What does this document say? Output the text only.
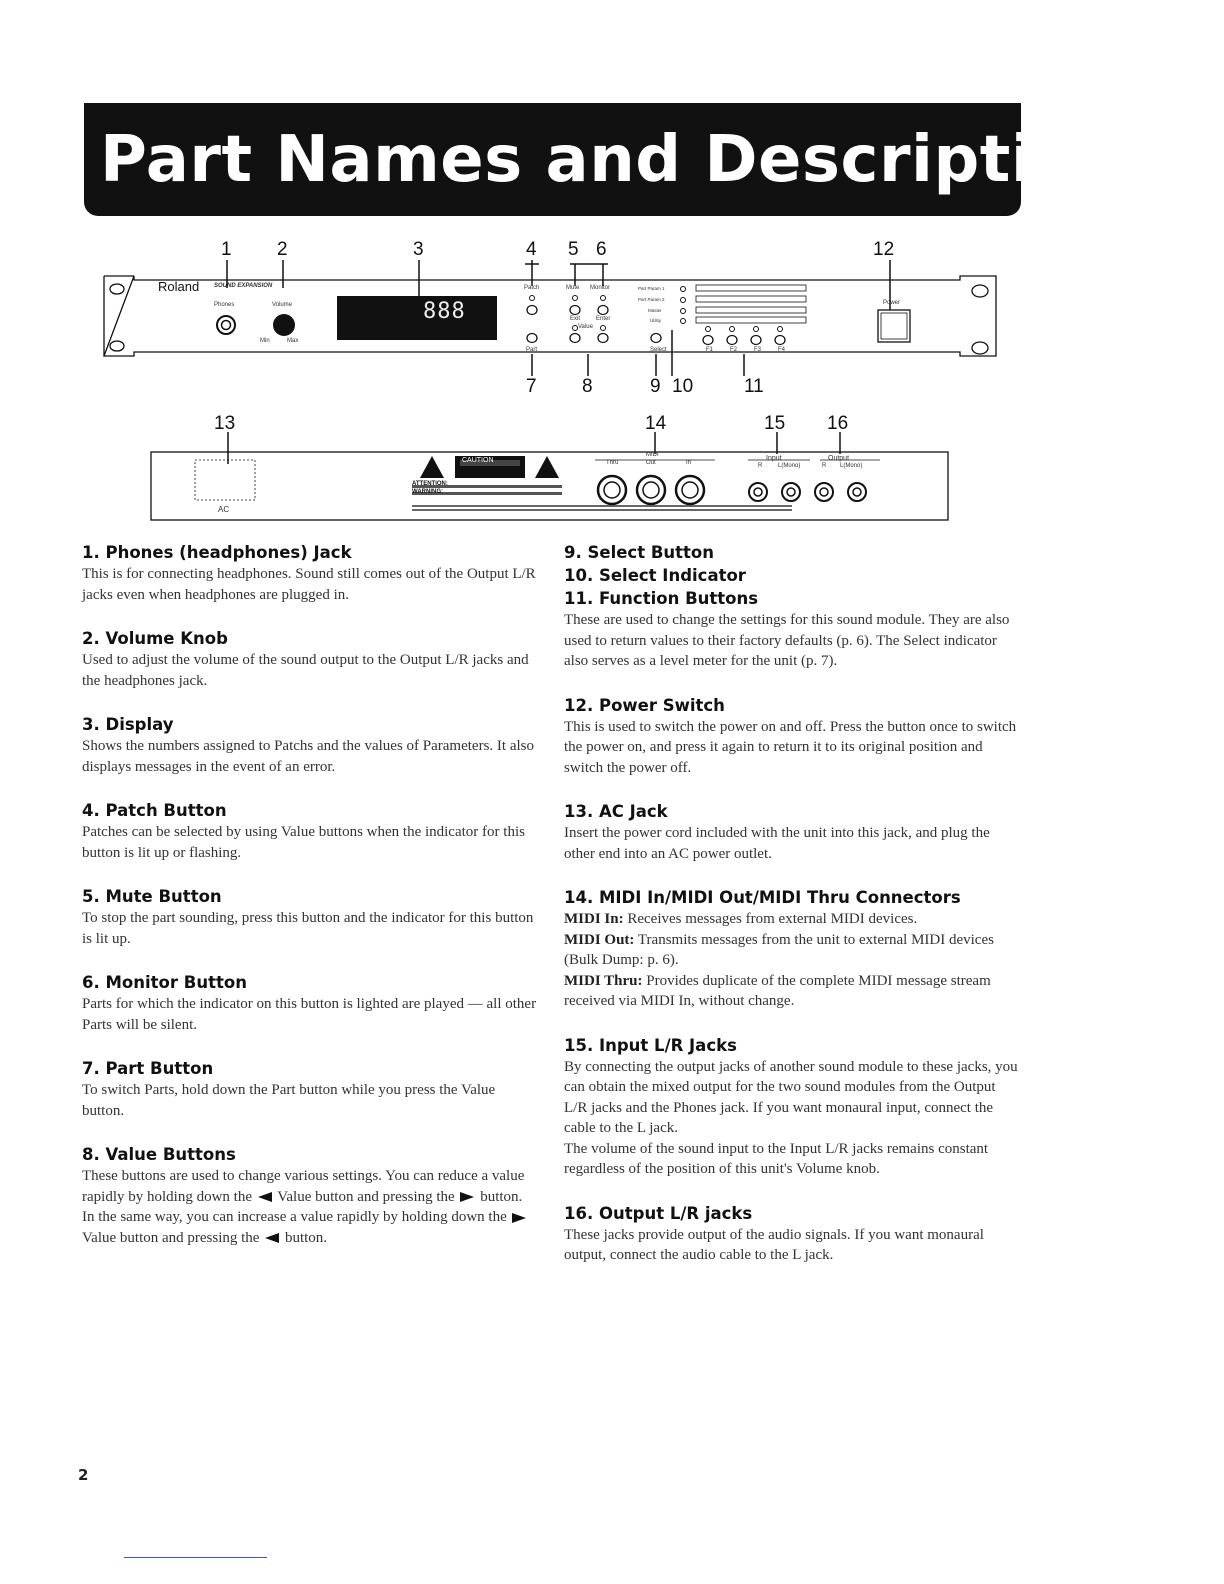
Part Names and Descriptions
1 2	3	4 5 6	12
Roland SOUND EXPANSION
Phones	Volume
Min	Max
888
Patch	Mute Monitor
Exit	Enter
Value
Part	Select
Power
Part Param 1
Part Param 2
Master
Utility
F1	F2	F3	F4
7 8	9 10	11
13	14	15 16
AC
CAUTION
ATTENTION:
WARNING:
MIDI
Thru	Out	In
Input	Output
R	L(Mono)	R L(Mono)
1. Phones (headphones) Jack

This is for connecting headphones. Sound still comes out of the Output L/R jacks even when headphones are plugged in.

2. Volume Knob

Used to adjust the volume of the sound output to the Output L/R jacks and the headphones jack.

3. Display

Shows the numbers assigned to Patchs and the values of Parameters. It also displays messages in the event of an error.

4. Patch Button

Patches can be selected by using Value buttons when the indicator for this button is lit up or flashing.

5. Mute Button

To stop the part sounding, press this button and the indicator for this button is lit up.

6. Monitor Button

Parts for which the indicator on this button is lighted are played — all other Parts will be silent.

7. Part Button

To switch Parts, hold down the Part button while you press the Value button.

8. Value Buttons

These buttons are used to change various settings. You can reduce a value rapidly by holding down the Value button and pressing the button. In the same way, you can increase a value rapidly by holding down the  Value button and pressing the button.

9. Select Button
10. Select Indicator
11. Function Buttons

These are used to change the settings for this sound module. They are also used to return values to their factory defaults (p. 6). The Select indicator also serves as a level meter for the unit (p. 7).

12. Power Switch

This is used to switch the power on and off. Press the button once to switch the power on, and press it again to return it to its original position and switch the power off.

13. AC Jack

Insert the power cord included with the unit into this jack, and plug the other end into an AC power outlet.

14. MIDI In/MIDI Out/MIDI Thru Connectors

MIDI In: Receives messages from external MIDI devices.

MIDI Out: Transmits messages from the unit to external MIDI devices (Bulk Dump: p. 6).

MIDI Thru: Provides duplicate of the complete MIDI message stream received via MIDI In, without change.

15. Input L/R Jacks

By connecting the output jacks of another sound module to these jacks, you can obtain the mixed output for the two sound modules from the Output L/R jacks and the Phones jack. If you want monaural input, connect the cable to the L jack.

The volume of the sound input to the Input L/R jacks remains constant regardless of the position of this unit's Volume knob.

16. Output L/R jacks

These jacks provide output of the audio signals. If you want monaural output, connect the audio cable to the L jack.

2
